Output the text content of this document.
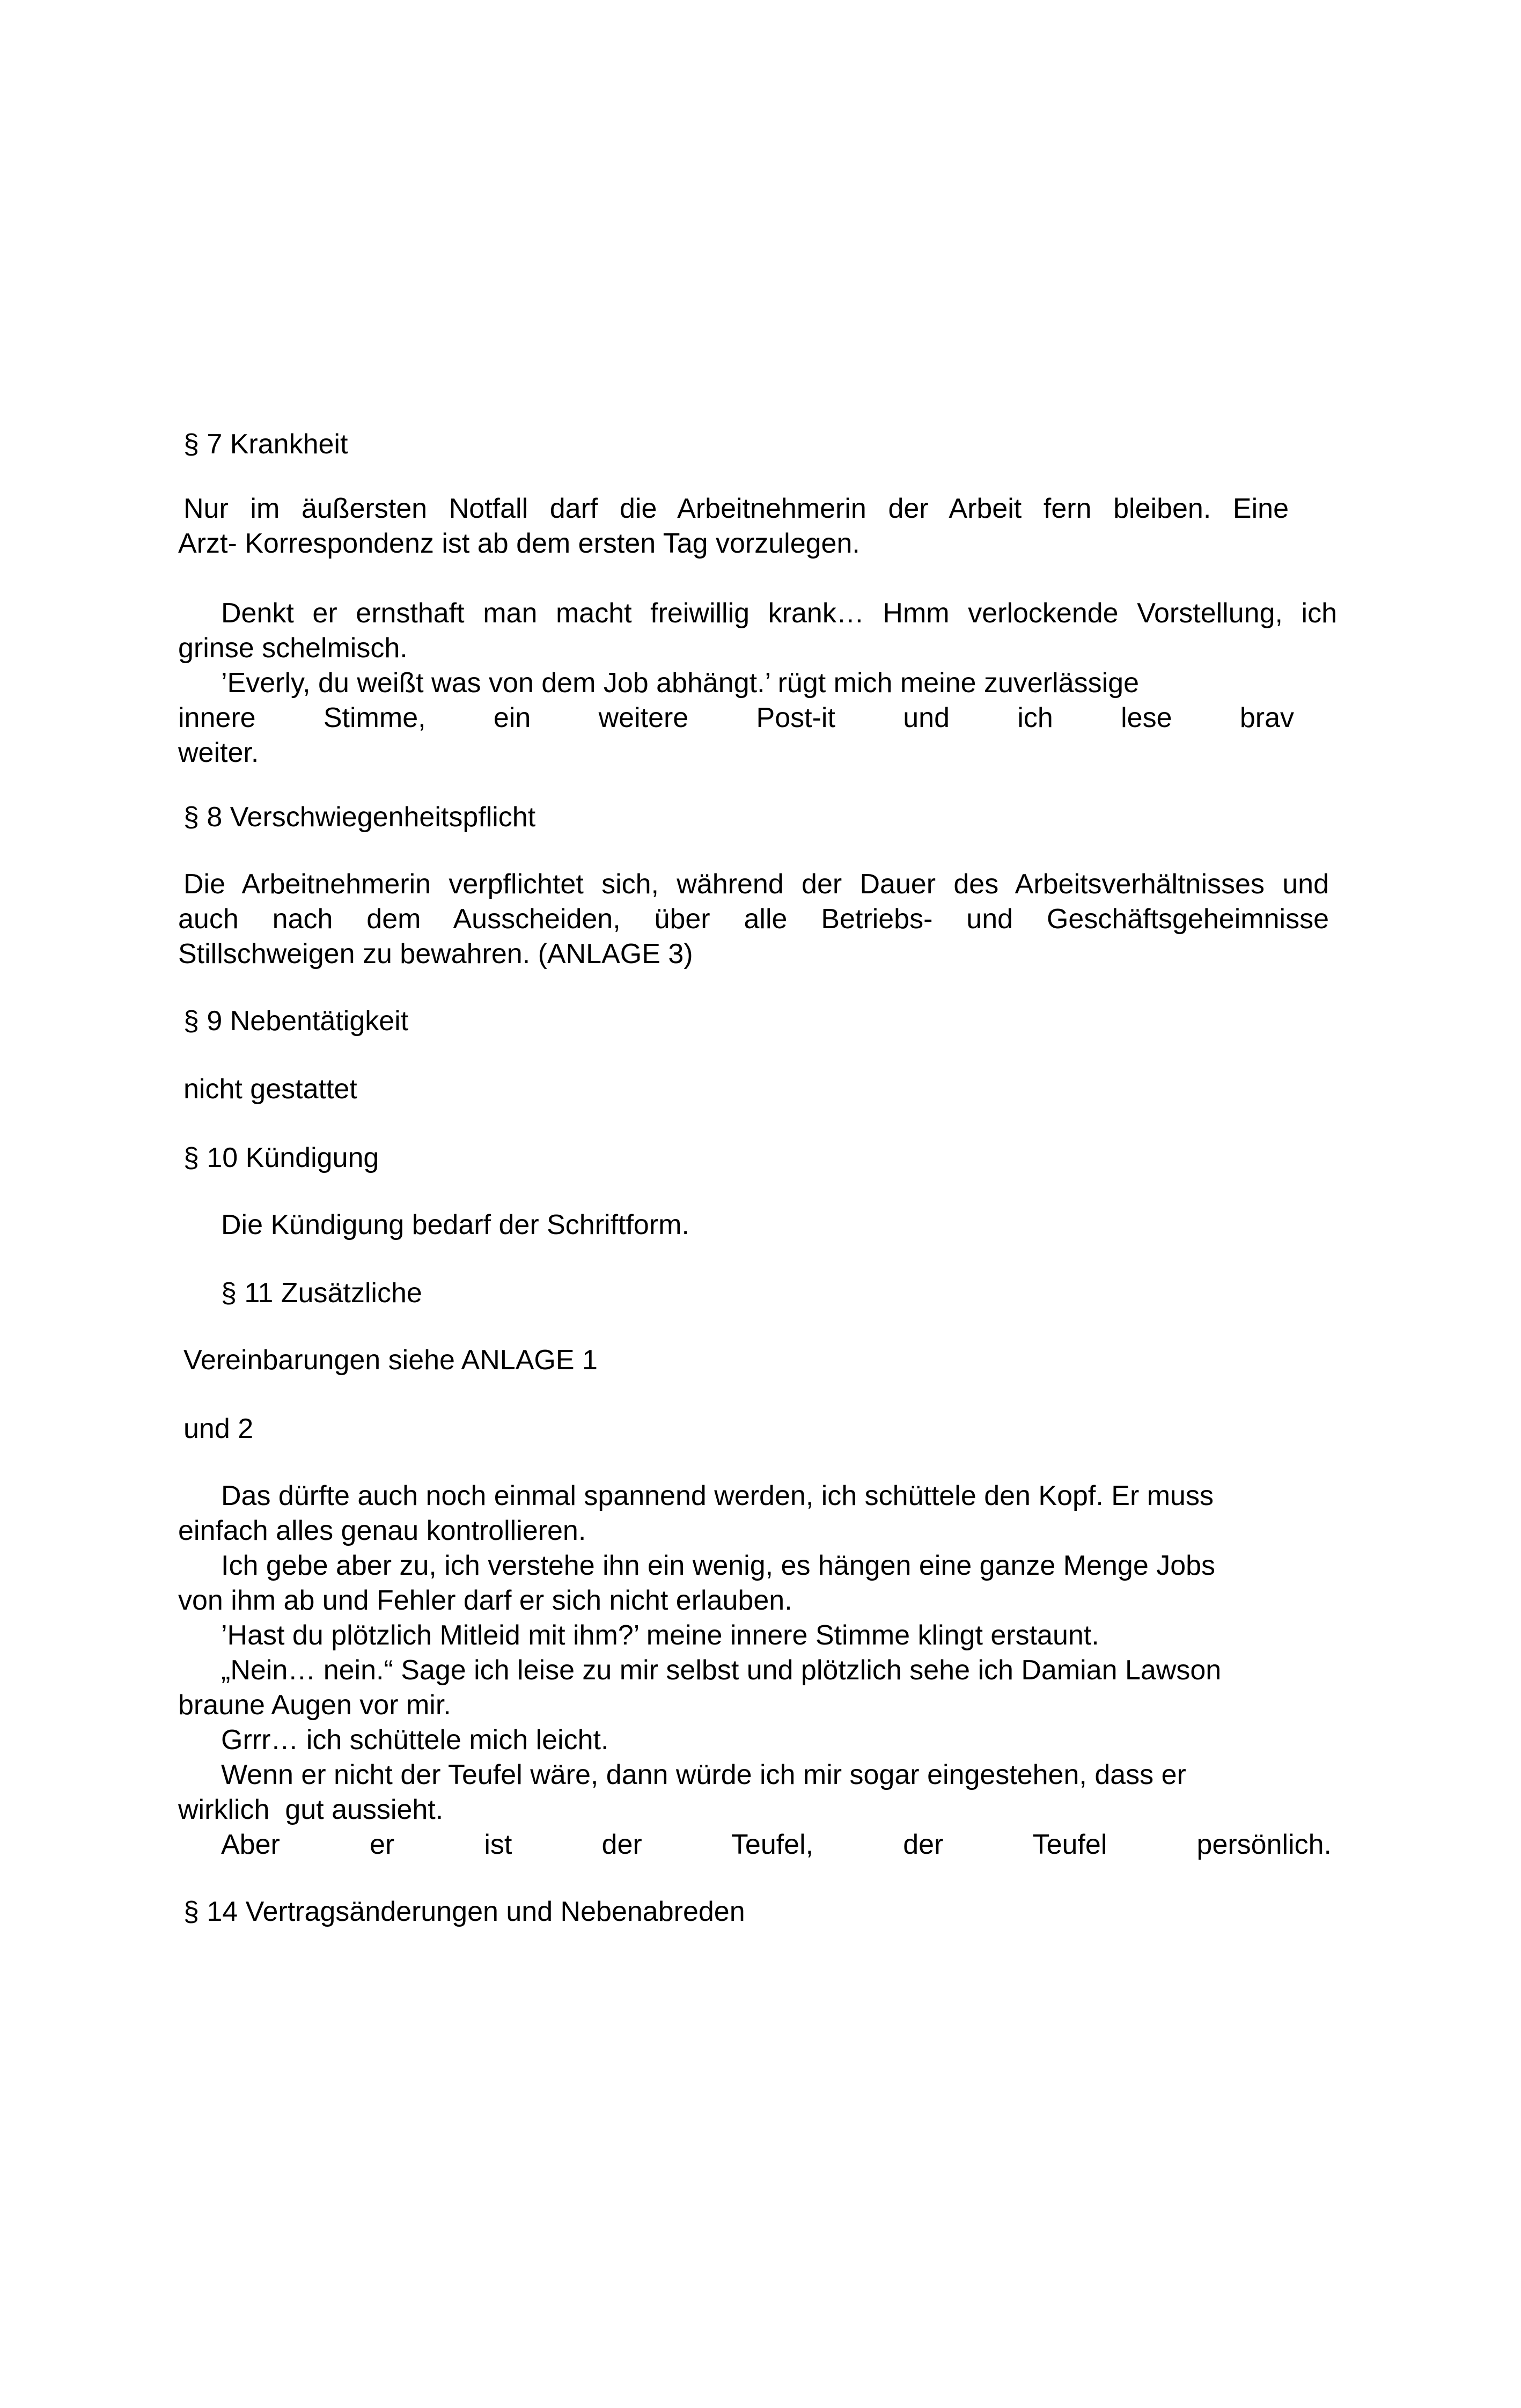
§ 7 Krankheit
Nur im äußersten Notfall darf die Arbeitnehmerin der Arbeit fern bleiben. Eine
Arzt- Korrespondenz ist ab dem ersten Tag vorzulegen.
Denkt er ernsthaft man macht freiwillig krank… Hmm verlockende Vorstellung, ich
grinse schelmisch.
’Everly, du weißt was von dem Job abhängt.’ rügt mich meine zuverlässige
innere Stimme, ein weitere Post-it und ich lese brav
weiter.
§ 8 Verschwiegenheitspflicht
Die Arbeitnehmerin verpflichtet sich, während der Dauer des Arbeitsverhältnisses und
auch nach dem Ausscheiden, über alle Betriebs- und Geschäftsgeheimnisse
Stillschweigen zu bewahren. (ANLAGE 3)
§ 9 Nebentätigkeit
nicht gestattet
§ 10 Kündigung
Die Kündigung bedarf der Schriftform.
§ 11 Zusätzliche
Vereinbarungen siehe ANLAGE 1
und 2
Das dürfte auch noch einmal spannend werden, ich schüttele den Kopf. Er muss
einfach alles genau kontrollieren.
Ich gebe aber zu, ich verstehe ihn ein wenig, es hängen eine ganze Menge Jobs
von ihm ab und Fehler darf er sich nicht erlauben.
’Hast du plötzlich Mitleid mit ihm?’ meine innere Stimme klingt erstaunt.
„Nein… nein.“ Sage ich leise zu mir selbst und plötzlich sehe ich Damian Lawson
braune Augen vor mir.
Grrr… ich schüttele mich leicht.
Wenn er nicht der Teufel wäre, dann würde ich mir sogar eingestehen, dass er
wirklich  gut aussieht.
Aber er ist der Teufel, der Teufel persönlich.
§ 14 Vertragsänderungen und Nebenabreden
